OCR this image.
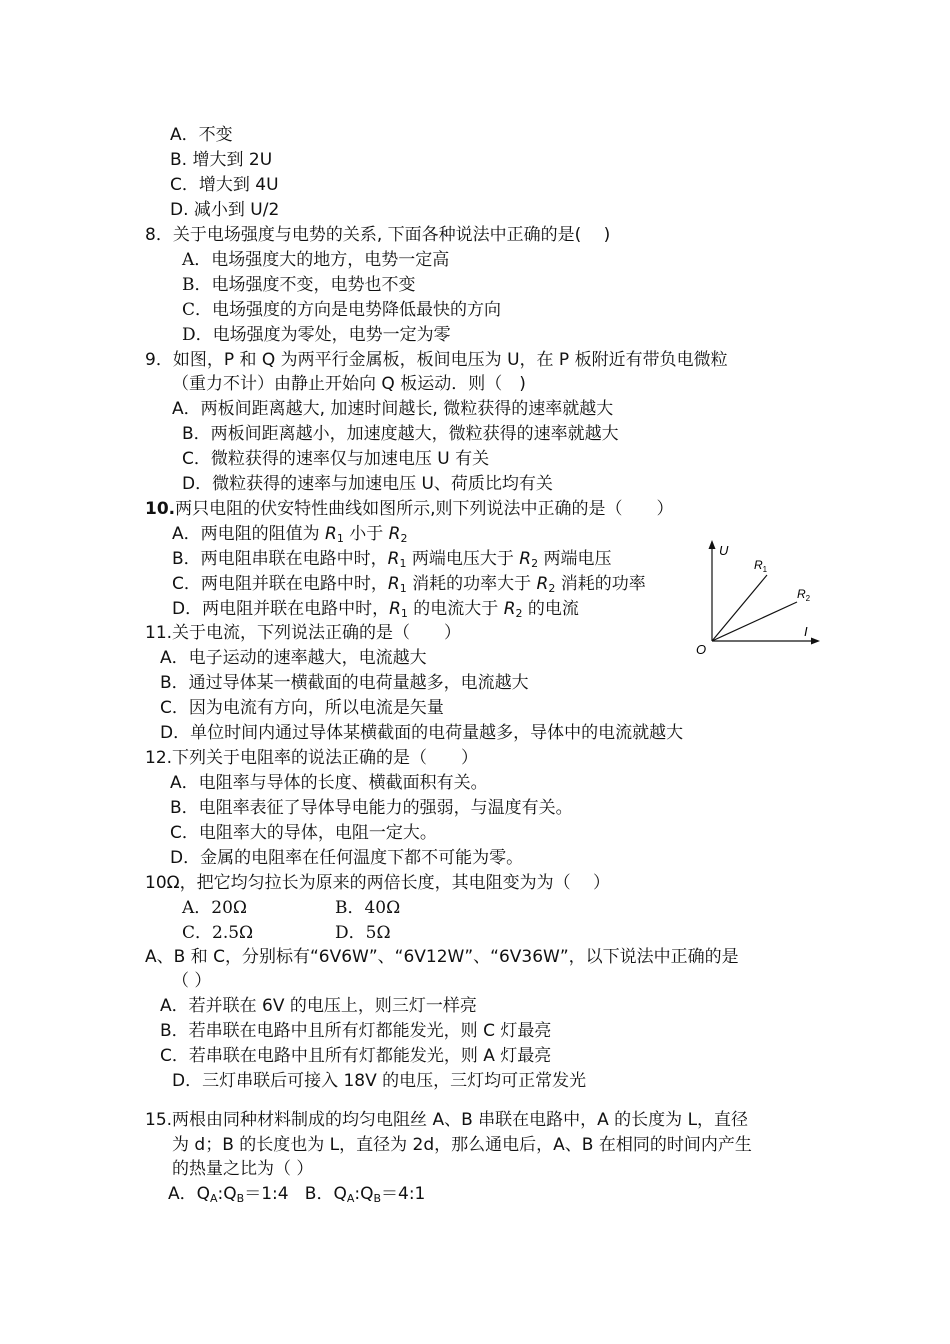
A．不变
B. 增大到 2U
C．增大到 4U
D. 减小到 U/2
8．关于电场强度与电势的关系, 下面各种说法中正确的是(　 )
A．电场强度大的地方，电势一定高
B．电场强度不变，电势也不变
C．电场强度的方向是电势降低最快的方向
D．电场强度为零处，电势一定为零
9．如图，P 和 Q 为两平行金属板，板间电压为 U，在 P 板附近有带负电微粒
（重力不计）由静止开始向 Q 板运动．则（　)
A．两板间距离越大, 加速时间越长, 微粒获得的速率就越大
B．两板间距离越小，加速度越大，微粒获得的速率就越大
C．微粒获得的速率仅与加速电压 U 有关
D．微粒获得的速率与加速电压 U、荷质比均有关
10.两只电阻的伏安特性曲线如图所示,则下列说法中正确的是（　　）
A．两电阻的阻值为 $R_1$ 小于 $R_2$
B．两电阻串联在电路中时，$R_1$ 两端电压大于 $R_2$ 两端电压
C．两电阻并联在电路中时，$R_1$ 消耗的功率大于 $R_2$ 消耗的功率
D．两电阻并联在电路中时，$R_1$ 的电流大于 $R_2$ 的电流
U
$R_1$
$R_2$
I
O
11.关于电流，下列说法正确的是（　　）
A．电子运动的速率越大，电流越大
B．通过导体某一横截面的电荷量越多，电流越大
C．因为电流有方向，所以电流是矢量
D．单位时间内通过导体某横截面的电荷量越多，导体中的电流就越大
12.下列关于电阻率的说法正确的是（　　）
A．电阻率与导体的长度、横截面积有关。
B．电阻率表征了导体导电能力的强弱，与温度有关。
C．电阻率大的导体，电阻一定大。
D．金属的电阻率在任何温度下都不可能为零。
10Ω，把它均匀拉长为原来的两倍长度，其电阻变为为（　 ）
A．20Ω	B．40Ω
C．2.5Ω	D．5Ω
A、B 和 C，分别标有“6V6W”、“6V12W”、“6V36W”，以下说法中正确的是
（ ）
A．若并联在 6V 的电压上，则三灯一样亮
B．若串联在电路中且所有灯都能发光，则 C 灯最亮
C．若串联在电路中且所有灯都能发光，则 A 灯最亮
D．三灯串联后可接入 18V 的电压，三灯均可正常发光
15.两根由同种材料制成的均匀电阻丝 A、B 串联在电路中，A 的长度为 L，直径
为 d；B 的长度也为 L，直径为 2d，那么通电后，A、B 在相同的时间内产生
的热量之比为（ ）
A．$Q_A:Q_B=1:4$ B．$Q_A:Q_B=4:1$
